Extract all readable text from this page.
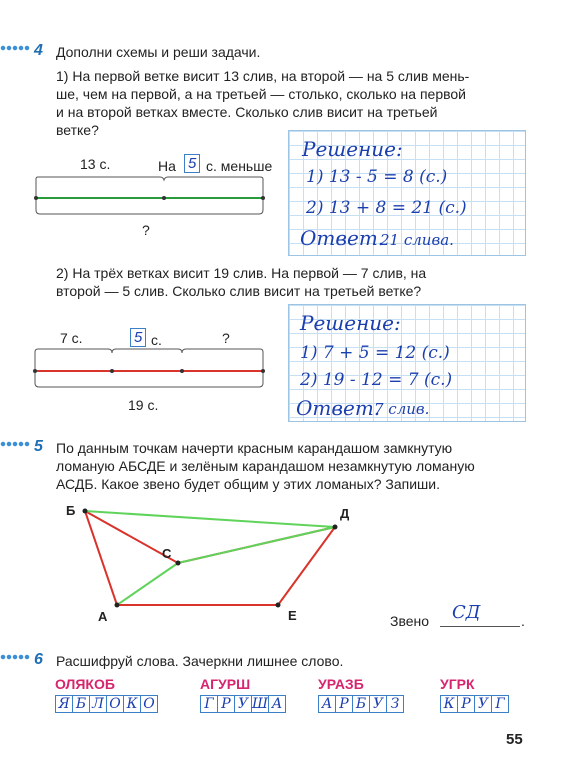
4 Дополни схемы и реши задачи.
1) На первой ветке висит 13 слив, на второй — на 5 слив мень-
ше, чем на первой, а на третьей — столько, сколько на первой
и на второй ветках вместе. Сколько слив висит на третьей
ветке?
13 с.	На 5 с. меньше
?
Решение:
1) 13 - 5 = 8 (с.)
2) 13 + 8 = 21 (с.)
Ответ.
21 слива.
2) На трёх ветках висит 19 слив. На первой — 7 слив, на
второй — 5 слив. Сколько слив висит на третьей ветке?
7 с.	5 с.	?
19 с.
Решение:
1) 7 + 5 = 12 (с.)
2) 19 - 12 = 7 (с.)
Ответ.
7 слив.
5 По данным точкам начерти красным карандашом замкнутую
ломаную АБСДЕ и зелёным карандашом незамкнутую ломаную
АСДБ. Какое звено будет общим у этих ломаных? Запиши.
Б	Д
С
А	Е	Звено СД	.
6 Расшифруй слова. Зачеркни лишнее слово.
ОЛЯКОБ
Я Б Л О К О
АГУРШ
Г Р У Ш А
УРАЗБ
А Р Б У З
УГРК
К Р У Г
55
